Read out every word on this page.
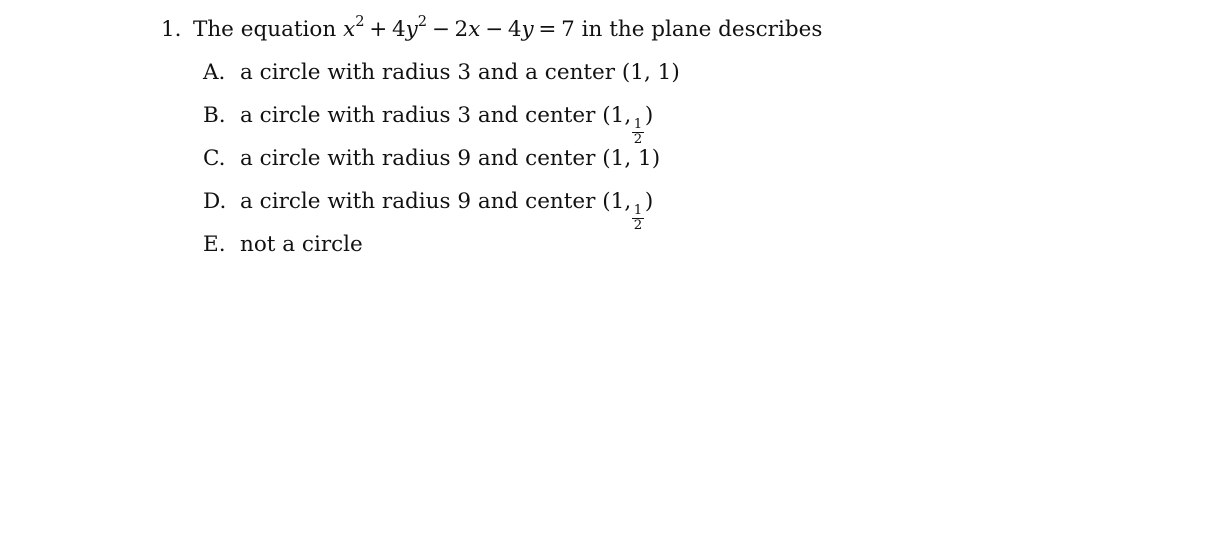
1. The equation $x^2 + 4y^2 - 2x - 4y = 7$ in the plane describes
A. a circle with radius 3 and a center (1, 1)
B. a circle with radius 3 and center (1,
$\frac{1}{2}$
)
C. a circle with radius 9 and center (1, 1)
D. a circle with radius 9 and center (1,
$\frac{1}{2}$
)
E. not a circle
